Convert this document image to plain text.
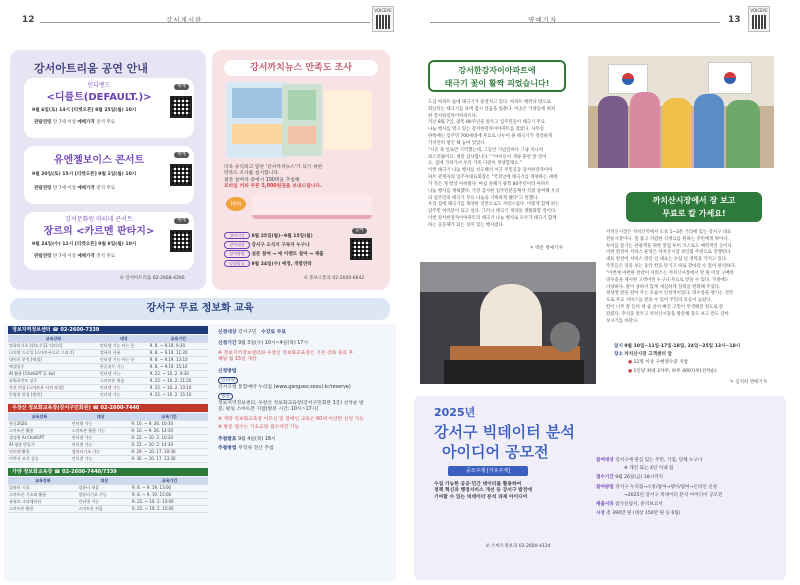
12	강서게시판
VOICEYE
강서아트리움 공연 안내
인디밴드
<디플트(DEFAULT.)>
9월 6일(토) 14시 [티켓오픈] 8월 25일(월) 10시
관람연령 만 7세 이상 예매가격 전석 무료
예매
유엔젤보이스 콘서트
9월 20일(토) 15시 [티켓오픈] 9월 1일(월) 10시
관람연령 만 7세 이상 예매가격 전석 무료
예매
강서문화원 마티네 콘서트
장르의 <카르멘 판타지>
9월 24일(수) 11시 [티켓오픈] 9월 8일(월) 10시
관람연령 만 7세 이상 예매가격 전석 무료
예매
✆ 강서아트리움 02-2668-4266
강서까치뉴스 만족도 조사
더욱 유익하고 알찬 '강서까치뉴스'가 되기 위한
만족도 조사를 실시합니다.
설문 참여자 중에서 100명을 추첨해
모바일 커피 쿠폰 5,000원권을 보내드립니다.
100명
참여
참여기간 8월 25일(월)~9월 15일(월)
참여대상 강서구 소식지 구독자 누구나
참여방법 설문 참여 → 에 이벤트 참여 → 제출
당첨발표 9월 24일(수) 예정, 개별연락
✆ 홍보소통과 02-2600-6642
강서구 무료 정보화 교육
정보지역정보센터 ☎ 02-2600-7339
교육강좌	대상	교육기간
컴퓨터기초 [윈도우11 익히기]	인터넷 기능 아는 분	9. 8. ~ 9.19. 9:30
디지털 드로잉 [스마트폰으로 그리기]	컴퓨터 사용	9. 8. ~ 9.19. 11:20
데이터 분석 [엑셀]	인터넷 기능 아는 분	9. 8. ~ 9.19. 13:10
엑셀실무	한글실무 가능	9. 8. ~ 9.19. 15:10
AI 활용 [ChatGPT 2, 4o]	인터넷 가능	9. 22. ~ 10. 2. 9:30
파워포인트 실무	스마트폰 처음	9. 22. ~ 10. 2. 11:20
사진 편집 [스마트폰 사진 보정]	인터넷 가능	9. 22. ~ 10. 2. 13:10
동영상 편집 [캡컷]	인터넷 가능	9. 22. ~ 10. 2. 15:10
우장산 정보화교육장(강서구민회관) ☎ 02-2600-7440
교육강좌	대상	교육기간
한글2020	인터넷 가능	9. 10. ~ 9. 26. 10:30
스마트폰 활용	스마트폰 활용 가능	9. 10. ~ 9. 26. 14:30
생성형 AI ChatGPT	인터넷 가능	9. 22. ~ 10. 2. 10:30
AI 영상 만들기	인터넷 가능	9. 22. ~ 10. 2. 14:30
인터넷 활용	컴퓨터기초 가능	9. 29. ~ 10. 17. 10:30
이력서 쓰기 실습	인터넷 가능	9. 30. ~ 10. 17. 13:30
가양 정보화교육장 ☎ 02-2600-7440/7339
교육강좌	대상	교육기간
컴퓨터 기초	컴퓨터 처음	9. 8. ~ 9. 19. 13:00
스마트폰 기초와 활용	컴퓨터기초 가능	9. 8. ~ 9. 19. 15:00
유튜브 크리에이터	인터넷 가능	9. 22. ~ 10. 2. 13:00
스마트폰 활용	스마트폰 처음	9. 22. ~ 10. 2. 15:00
신청대상 강서구민 수강료 무료
신청기간 9월 3일(수) 10시~4일(목) 17시
※ 정보지역정보센터와 우장산 정보화교육장은 기존 강좌 종료 후 해당 월 15일 개강
신청방법
인터넷
강서구청 통합예약 누리집 (www.gangseo.seoul.kr/reserve)
방문
정보지역정보센터, 우장산 정보화교육장(강서구민회관 3층) 선착순 방문, 평일 스마트폰 지참(방문 시간: 10시~17시)
※ 계량 정보화교육장 어르신 및 장애인 교육은 60세 이상만 신청 가능
※ 방문 접수는 기초교양 접수자만 가능
추첨발표 9월 4일(목) 18시
추첨방법 무작위 전산 추첨
명예기자	13
VOICEYE
강서한강자이아파트에
태극기 꽃이 활짝 피었습니다!
도심 아파트 숲에 태극기가 물결치고 있다. 아파트 베란다 밖으로
휘날리는 태극기를 보며 잠시 걸음을 멈춘다. 이곳은 가양동에 위치
한 강서한강자이아파트다.
지난 8월 7일, 광복 80주년을 앞두고 입주민들이 태극기 무료
나눔 행사를 열고 있는 강서한강자이아파트를 찾았다. 사무실
한쪽에는 입주민 700세대에 무료로 나누어 줄 태극기가 정갈하게
가지런히 쌓인 채 놓여 있었다.
"시골 목 일로만 기억했는데, 그동안 기념일마다 그냥 지나쳐
죄스러웠어요. 정말 감사합니다." "아이들이 게양 훈련 잘 걸어
요. 집에 가져가서 우리 가족 다같이 게양할래요."
이번 태극기 나눔 행사를 선도해서 이끈 주민공동 강서한강자이아
파트 관계자의 입주자대표회장은 "국경일에 태극기를 게양하는 세대
가 적은 게 항상 아쉬웠다. 마침 올해가 광복 80주년이라 아파트
나눔 행사를 계획했다. 가장 감사한 입주민분들께서 직접 참여해 우리
의 입주민의 태극기 무료 나눔을 기획하게 됐다"고 말했다.
우리 집에 태극기를 게양한 것만으로도 자랑스럽다. 이렇게 함께 하는
입주민 여러분이 되고 싶다. 그러니 태극기 게양을 생활화할 것이다.
이번 강서한강자이아파트의 태극기 나눔 행사로 모두가 태극기 함께
하는 공동체가 되는 의미 있는 행사였다.
✎ 박문 명예기자
까치산시장에서 장 보고
무료로 칼 가세요!
까치산시장은 까치산역에서 도보 1~3분 거리에 있는 강서구 대표
전통시장이다. 질 좋고 저렴한 식재료를 원하는 주민에게 딱이다.
투어를 즐기는 관광객을 위한 맛집 투어 코스로도 매력적인 곳이다.
이번 칼갈이 서비스 운영은 까치산시장 상인회 주관으로 진행된다.
대표 칼갈이 서비스 장인 일 대표는 수십 년 경력을 가지고 있다.
주민들은 장을 보는 동안 칼을 맡기고 바로 찾아갈 수 있어 편리하다.
"이번에 마련한 칼갈이 서비스는 까치산시장에서 만 원 이상 구매한
영수증을 제시한 고객이면 누구나 무료로 받을 수 있다. 가정에도
다양하다. 칼이 상하지 않게 세심하게 실력을 발휘해 주셨다.
정성껏 칼을 갈아 주는 모습이 인상적이었다. 영수증을 챙기는 것만
으로 무료 서비스를 받을 수 있어 주민의 호응이 높았다.
칼이 너무 잘 들어 세 곱 살이 빠진 고민이 무색해질 정도로 잘
갈렸다. 추석을 앞두고 까치산시장을 방문해 장도 보고 칼도 갈아
보시기를 바란다.
일시 9월 10일~11일·17일·18일, 24일~25일 13시~18시
장소 까치산시장 고객센터 앞
● 12명 이상 구매영수증 지참
● 1인당 최대 2자루, 하루 400자루(선착순)
✎ 김지희 명예기자
2025년
강서구 빅데이터 분석
아이디어 공모전
공모주제 [자유주제]
수집 가능한 공공·민간 데이터를 활용하여
정책 혁신과 행정서비스 개선 등 강서구 발전에
기여할 수 있는 빅데이터 분석 과제 아이디어
✆ 스마트정보과 02-2600-4124
참여대상 강서구에 관심 있는 주민, 기업, 단체 누구나
※ 개인 또는 4인 이내 팀
접수기간 9월 26일(금) 18시까지
참여방법 강서구 누리집→소통/참여→행사/참여→온라인 신청
→2025년 강서구 빅데이터 분석 아이디어 공모전
제출서류 참가신청서, 분석보고서
시상 총 390만 원 (대상 150만 원 등 6팀)
